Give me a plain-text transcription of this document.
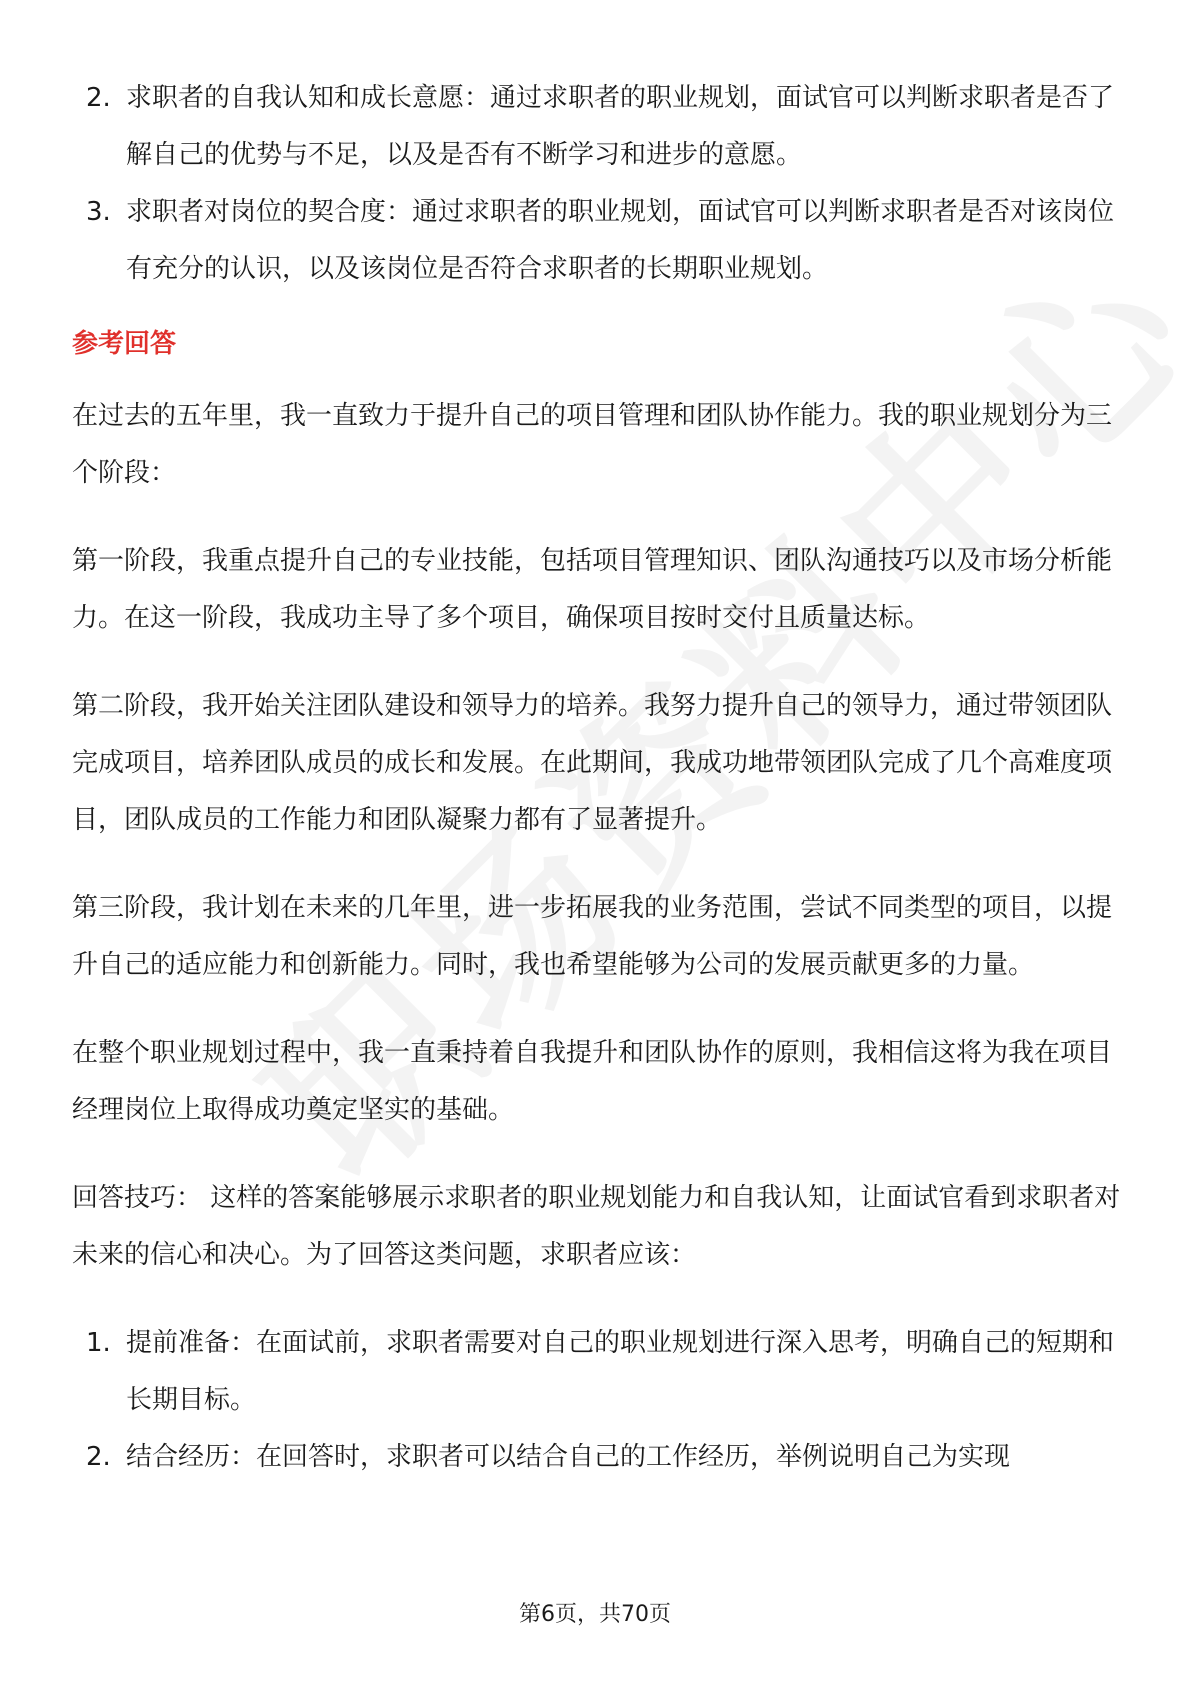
2. 求职者的自我认知和成长意愿：通过求职者的职业规划，面试官可以判断求职者是否了解自己的优势与不足，以及是否有不断学习和进步的意愿。
3. 求职者对岗位的契合度：通过求职者的职业规划，面试官可以判断求职者是否对该岗位有充分的认识，以及该岗位是否符合求职者的长期职业规划。
参考回答

在过去的五年里，我一直致力于提升自己的项目管理和团队协作能力。我的职业规划分为三个阶段：

第一阶段，我重点提升自己的专业技能，包括项目管理知识、团队沟通技巧以及市场分析能力。在这一阶段，我成功主导了多个项目，确保项目按时交付且质量达标。

第二阶段，我开始关注团队建设和领导力的培养。我努力提升自己的领导力，通过带领团队完成项目，培养团队成员的成长和发展。在此期间，我成功地带领团队完成了几个高难度项目，团队成员的工作能力和团队凝聚力都有了显著提升。

第三阶段，我计划在未来的几年里，进一步拓展我的业务范围，尝试不同类型的项目，以提升自己的适应能力和创新能力。同时，我也希望能够为公司的发展贡献更多的力量。

在整个职业规划过程中，我一直秉持着自我提升和团队协作的原则，我相信这将为我在项目经理岗位上取得成功奠定坚实的基础。

回答技巧： 这样的答案能够展示求职者的职业规划能力和自我认知，让面试官看到求职者对未来的信心和决心。为了回答这类问题，求职者应该：

1. 提前准备：在面试前，求职者需要对自己的职业规划进行深入思考，明确自己的短期和长期目标。
2. 结合经历：在回答时，求职者可以结合自己的工作经历，举例说明自己为实现
第6页，共70页
